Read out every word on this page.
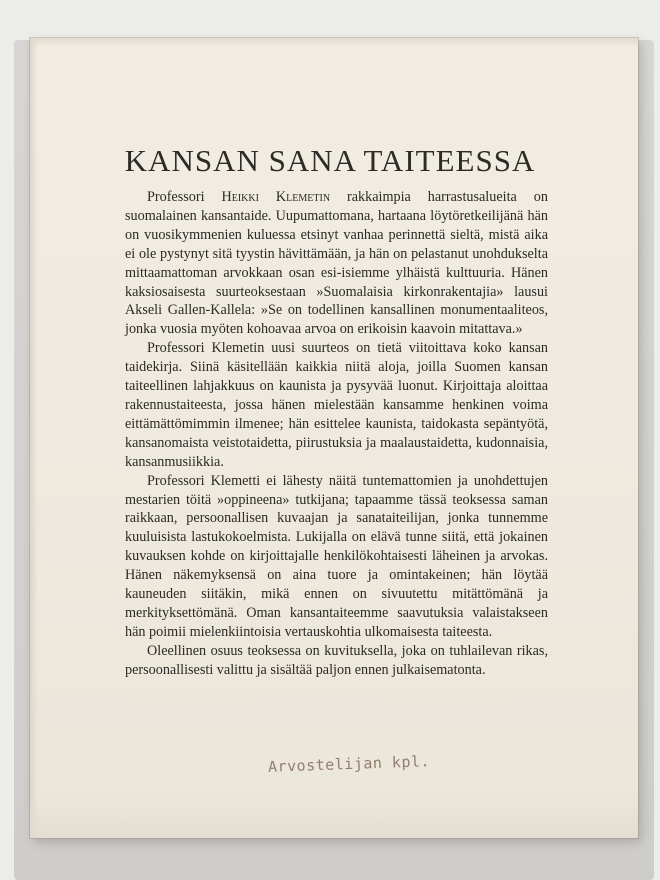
KANSAN SANA TAITEESSA

Professori Heikki Klemetin rakkaimpia harrastusalueita on suomalainen kansantaide. Uupumattomana, hartaana löytöretkeilijänä hän on vuosikymmenien kuluessa etsinyt vanhaa perinnettä sieltä, mistä aika ei ole pystynyt sitä tyystin hävittämään, ja hän on pelastanut unohdukselta mittaamattoman arvokkaan osan esi-isiemme ylhäistä kulttuuria. Hänen kaksiosaisesta suurteoksestaan »Suomalaisia kirkonrakentajia» lausui Akseli Gallen-Kallela: »Se on todellinen kansallinen monumentaaliteos, jonka vuosia myöten kohoavaa arvoa on erikoisin kaavoin mitattava.»

Professori Klemetin uusi suurteos on tietä viitoittava koko kansan taidekirja. Siinä käsitellään kaikkia niitä aloja, joilla Suomen kansan taiteellinen lahjakkuus on kaunista ja pysyvää luonut. Kirjoittaja aloittaa rakennustaiteesta, jossa hänen mielestään kansamme henkinen voima eittämättömimmin ilmenee; hän esittelee kaunista, taidokasta sepäntyötä, kansanomaista veistotaidetta, piirustuksia ja maalaustaidetta, kudonnaisia, kansanmusiikkia.

Professori Klemetti ei lähesty näitä tuntemattomien ja unohdettujen mestarien töitä »oppineena» tutkijana; tapaamme tässä teoksessa saman raikkaan, persoonallisen kuvaajan ja sanataiteilijan, jonka tunnemme kuuluisista lastukokoelmista. Lukijalla on elävä tunne siitä, että jokainen kuvauksen kohde on kirjoittajalle henkilökohtaisesti läheinen ja arvokas. Hänen näkemyksensä on aina tuore ja omintakeinen; hän löytää kauneuden siitäkin, mikä ennen on sivuutettu mitättömänä ja merkityksettömänä. Oman kansantaiteemme saavutuksia valaistakseen hän poimii mielenkiintoisia vertauskohtia ulkomaisesta taiteesta.

Oleellinen osuus teoksessa on kuvituksella, joka on tuhlailevan rikas, persoonallisesti valittu ja sisältää paljon ennen julkaisematonta.

Arvostelijan kpl.
